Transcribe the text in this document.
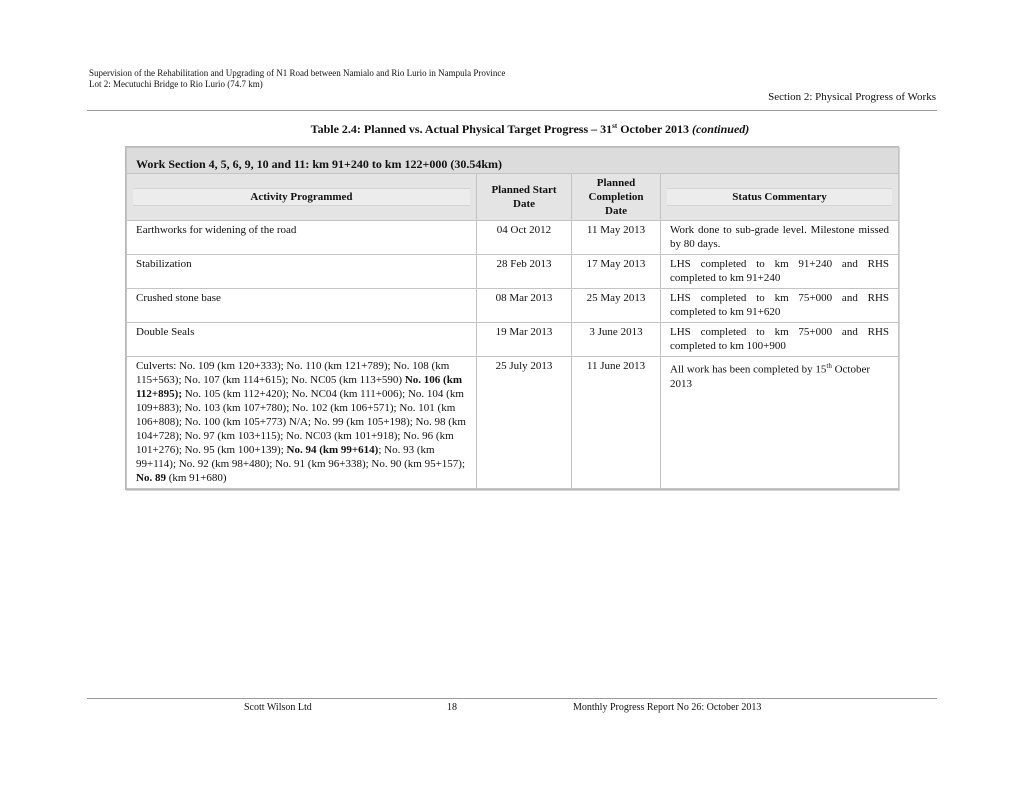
Supervision of the Rehabilitation and Upgrading of N1 Road between Namialo and Rio Lurio in Nampula Province
Lot 2: Mecutuchi Bridge to Rio Lurio (74.7 km)
Section 2: Physical Progress of Works
Table 2.4: Planned vs. Actual Physical Target Progress – 31st October 2013 (continued)
Work Section 4, 5, 6, 9, 10 and 11: km 91+240 to km 122+000 (30.54km)			

Activity Programmed	Planned Start Date	Planned Completion Date	Status Commentary

Earthworks for widening of the road	04 Oct 2012	11 May 2013	Work done to sub-grade level. Milestone missed by 80 days.
Stabilization	28 Feb 2013	17 May 2013	LHS completed to km 91+240 and RHS completed to km 91+240
Crushed stone base	08 Mar 2013	25 May 2013	LHS completed to km 75+000 and RHS completed to km 91+620
Double Seals	19 Mar 2013	3 June 2013	LHS completed to km 75+000 and RHS completed to km 100+900
Culverts: No. 109 (km 120+333); No. 110 (km 121+789); No. 108 (km 115+563); No. 107 (km 114+615); No. NC05 (km 113+590) No. 106 (km 112+895); No. 105 (km 112+420); No. NC04 (km 111+006); No. 104 (km 109+883); No. 103 (km 107+780); No. 102 (km 106+571); No. 101 (km 106+808); No. 100 (km 105+773) N/A; No. 99 (km 105+198); No. 98 (km 104+728); No. 97 (km 103+115); No. NC03 (km 101+918); No. 96 (km 101+276); No. 95 (km 100+139); No. 94 (km 99+614); No. 93 (km 99+114); No. 92 (km 98+480); No. 91 (km 96+338); No. 90 (km 95+157); No. 89 (km 91+680)	25 July 2013	11 June 2013	All work has been completed by 15th October 2013
Scott Wilson Ltd	18	Monthly Progress Report No 26: October 2013
